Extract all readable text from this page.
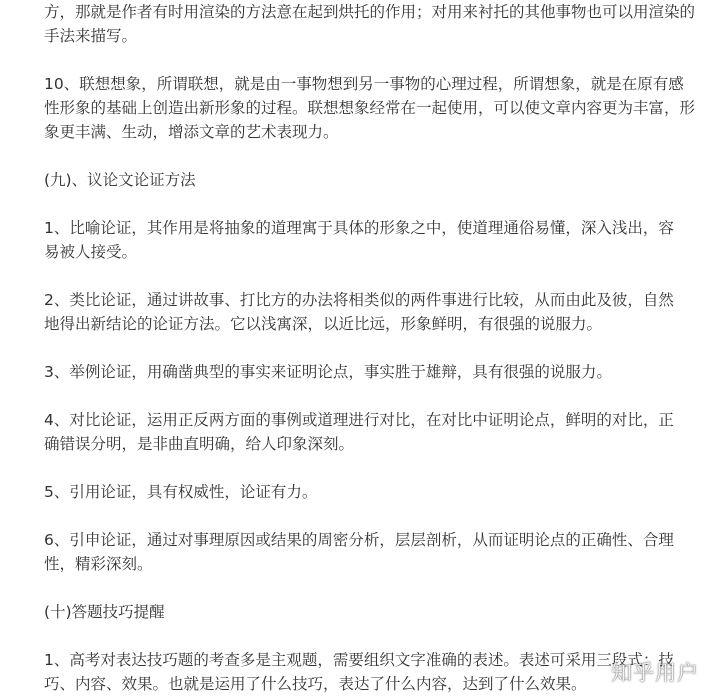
方，那就是作者有时用渲染的方法意在起到烘托的作用；对用来衬托的其他事物也可以用渲染的
手法来描写。

10、联想想象，所谓联想，就是由一事物想到另一事物的心理过程，所谓想象，就是在原有感
性形象的基础上创造出新形象的过程。联想想象经常在一起使用，可以使文章内容更为丰富，形
象更丰满、生动，增添文章的艺术表现力。

(九)、议论文论证方法

1、比喻论证，其作用是将抽象的道理寓于具体的形象之中，使道理通俗易懂，深入浅出，容
易被人接受。

2、类比论证，通过讲故事、打比方的办法将相类似的两件事进行比较，从而由此及彼，自然
地得出新结论的论证方法。它以浅寓深，以近比远，形象鲜明，有很强的说服力。

3、举例论证，用确凿典型的事实来证明论点，事实胜于雄辩，具有很强的说服力。

4、对比论证，运用正反两方面的事例或道理进行对比，在对比中证明论点，鲜明的对比，正
确错误分明，是非曲直明确，给人印象深刻。

5、引用论证，具有权威性，论证有力。

6、引申论证，通过对事理原因或结果的周密分析，层层剖析，从而证明论点的正确性、合理
性，精彩深刻。

(十)答题技巧提醒

1、高考对表达技巧题的考查多是主观题，需要组织文字准确的表述。表述可采用三段式：技
巧、内容、效果。也就是运用了什么技巧，表达了什么内容，达到了什么效果。	知乎用户
